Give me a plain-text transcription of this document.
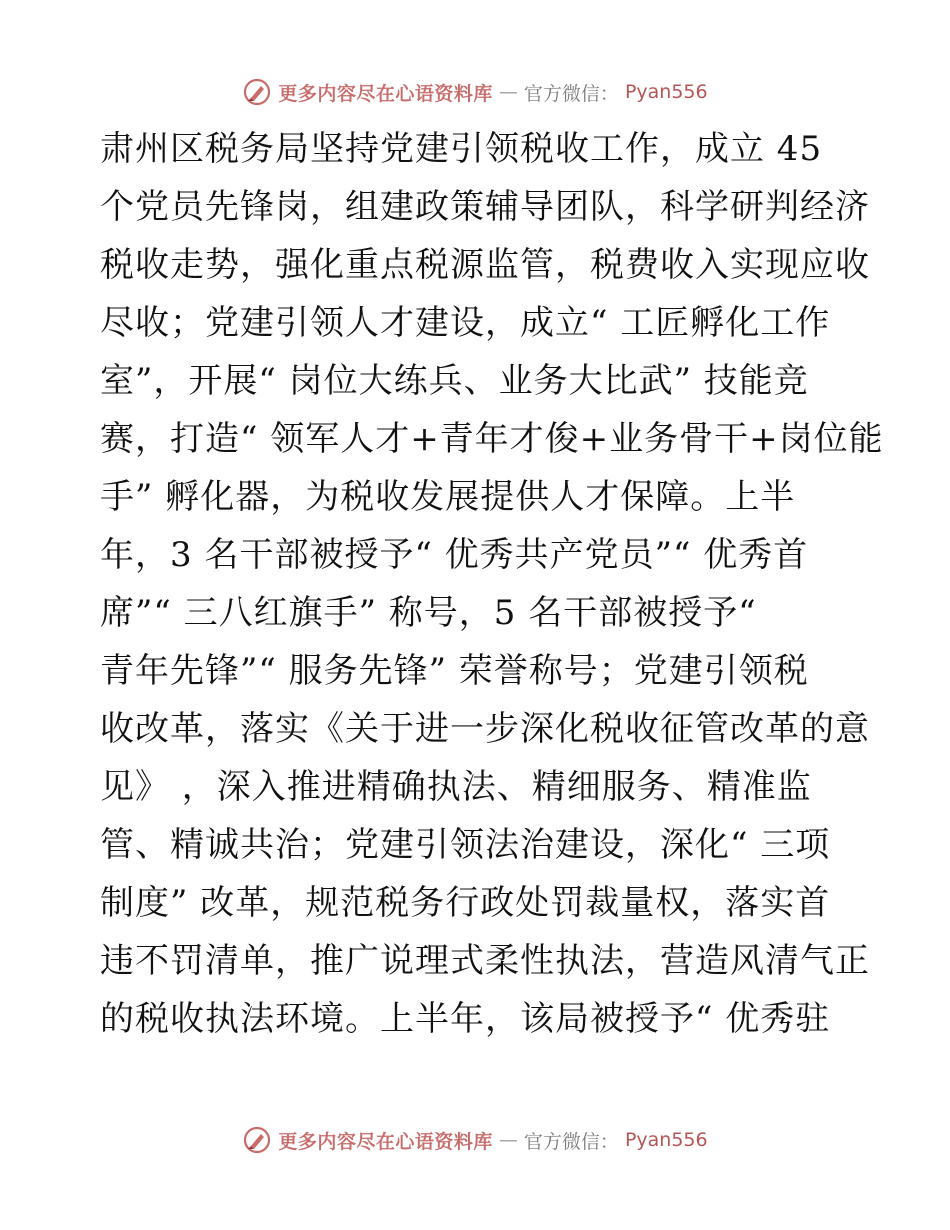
更多内容尽在心语资料库 — 官方微信： Pyan556
肃州区税务局坚持党建引领税收工作，成立 45
个党员先锋岗，组建政策辅导团队，科学研判经济
税收走势，强化重点税源监管，税费收入实现应收
尽收；党建引领人才建设，成立“ 工匠孵化工作
室”，开展“ 岗位大练兵、业务大比武” 技能竞
赛，打造“ 领军人才+青年才俊+业务骨干+岗位能
手” 孵化器，为税收发展提供人才保障。上半
年，3 名干部被授予“ 优秀共产党员”“ 优秀首
席”“ 三八红旗手” 称号，5 名干部被授予“
青年先锋”“ 服务先锋” 荣誉称号；党建引领税
收改革，落实《关于进一步深化税收征管改革的意
见》 ，深入推进精确执法、精细服务、精准监
管、精诚共治；党建引领法治建设，深化“ 三项
制度” 改革，规范税务行政处罚裁量权，落实首
违不罚清单，推广说理式柔性执法，营造风清气正
的税收执法环境。上半年，该局被授予“ 优秀驻
更多内容尽在心语资料库 — 官方微信： Pyan556
